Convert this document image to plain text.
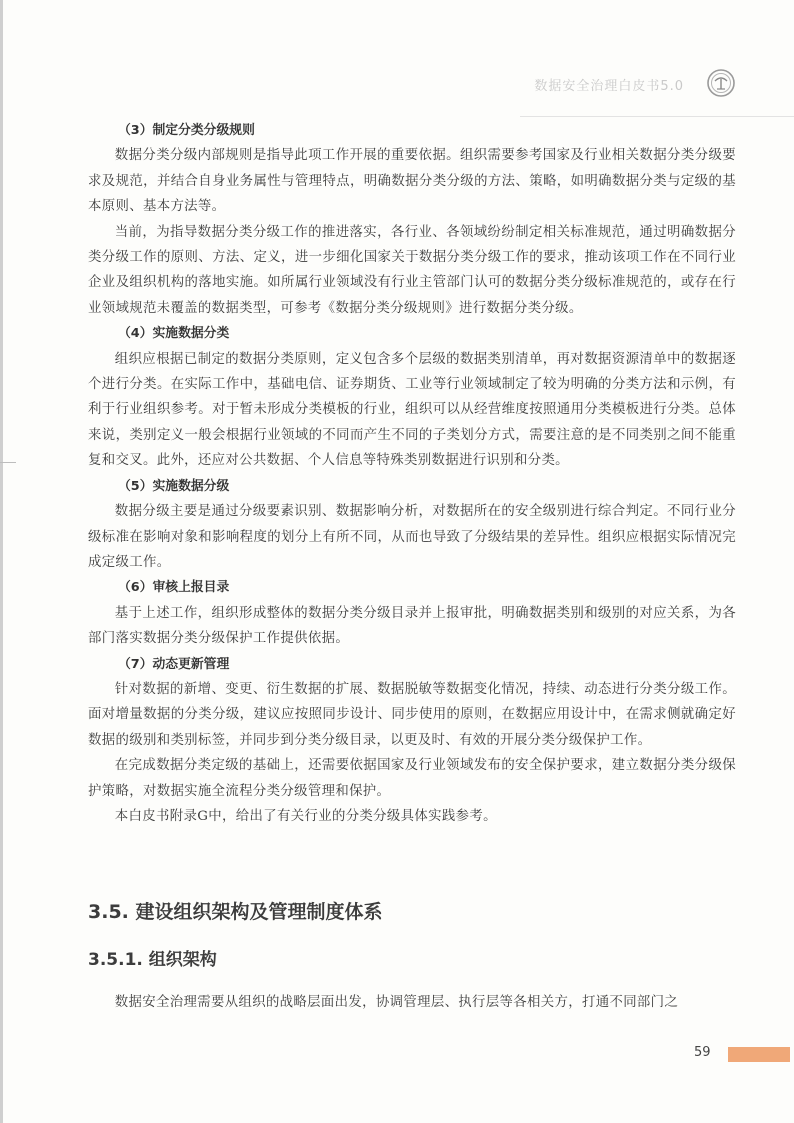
数据安全治理白皮书5.0

（3）制定分类分级规则

数据分类分级内部规则是指导此项工作开展的重要依据。组织需要参考国家及行业相关数据分类分级要求及规范，并结合自身业务属性与管理特点，明确数据分类分级的方法、策略，如明确数据分类与定级的基本原则、基本方法等。

当前，为指导数据分类分级工作的推进落实，各行业、各领域纷纷制定相关标准规范，通过明确数据分类分级工作的原则、方法、定义，进一步细化国家关于数据分类分级工作的要求，推动该项工作在不同行业企业及组织机构的落地实施。如所属行业领域没有行业主管部门认可的数据分类分级标准规范的，或存在行业领域规范未覆盖的数据类型，可参考《数据分类分级规则》进行数据分类分级。

（4）实施数据分类

组织应根据已制定的数据分类原则，定义包含多个层级的数据类别清单，再对数据资源清单中的数据逐个进行分类。在实际工作中，基础电信、证券期货、工业等行业领域制定了较为明确的分类方法和示例，有利于行业组织参考。对于暂未形成分类模板的行业，组织可以从经营维度按照通用分类模板进行分类。总体来说，类别定义一般会根据行业领域的不同而产生不同的子类划分方式，需要注意的是不同类别之间不能重复和交叉。此外，还应对公共数据、个人信息等特殊类别数据进行识别和分类。

（5）实施数据分级

数据分级主要是通过分级要素识别、数据影响分析，对数据所在的安全级别进行综合判定。不同行业分级标准在影响对象和影响程度的划分上有所不同，从而也导致了分级结果的差异性。组织应根据实际情况完成定级工作。

（6）审核上报目录

基于上述工作，组织形成整体的数据分类分级目录并上报审批，明确数据类别和级别的对应关系，为各部门落实数据分类分级保护工作提供依据。

（7）动态更新管理

针对数据的新增、变更、衍生数据的扩展、数据脱敏等数据变化情况，持续、动态进行分类分级工作。面对增量数据的分类分级，建议应按照同步设计、同步使用的原则，在数据应用设计中，在需求侧就确定好数据的级别和类别标签，并同步到分类分级目录，以更及时、有效的开展分类分级保护工作。

在完成数据分类定级的基础上，还需要依据国家及行业领域发布的安全保护要求，建立数据分类分级保护策略，对数据实施全流程分类分级管理和保护。

本白皮书附录G中，给出了有关行业的分类分级具体实践参考。

3.5. 建设组织架构及管理制度体系
3.5.1. 组织架构

数据安全治理需要从组织的战略层面出发，协调管理层、执行层等各相关方，打通不同部门之

59
